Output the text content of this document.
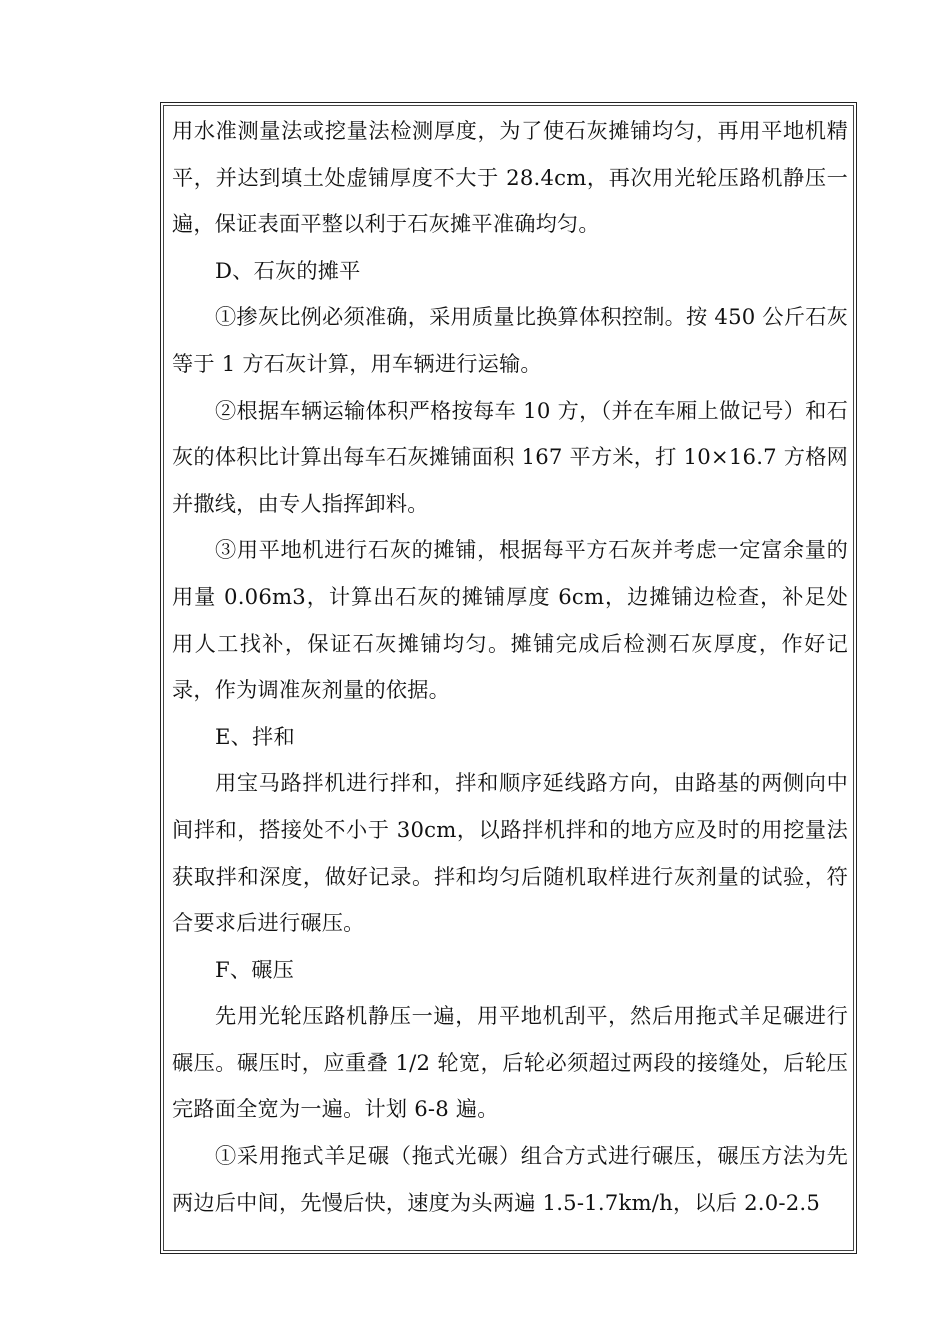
用水准测量法或挖量法检测厚度，为了使石灰摊铺均匀，再用平地机精平，并达到填土处虚铺厚度不大于 28.4cm，再次用光轮压路机静压一遍，保证表面平整以利于石灰摊平准确均匀。

D、石灰的摊平

①掺灰比例必须准确，采用质量比换算体积控制。按 450 公斤石灰等于 1 方石灰计算，用车辆进行运输。

②根据车辆运输体积严格按每车 10 方，（并在车厢上做记号）和石灰的体积比计算出每车石灰摊铺面积 167 平方米，打 10×16.7 方格网并撒线，由专人指挥卸料。

③用平地机进行石灰的摊铺，根据每平方石灰并考虑一定富余量的用量 0.06m3，计算出石灰的摊铺厚度 6cm，边摊铺边检查，补足处用人工找补，保证石灰摊铺均匀。摊铺完成后检测石灰厚度，作好记录，作为调准灰剂量的依据。

E、拌和

用宝马路拌机进行拌和，拌和顺序延线路方向，由路基的两侧向中间拌和，搭接处不小于 30cm，以路拌机拌和的地方应及时的用挖量法获取拌和深度，做好记录。拌和均匀后随机取样进行灰剂量的试验，符合要求后进行碾压。

F、碾压

先用光轮压路机静压一遍，用平地机刮平，然后用拖式羊足碾进行碾压。碾压时，应重叠 1/2 轮宽，后轮必须超过两段的接缝处，后轮压完路面全宽为一遍。计划 6-8 遍。

①采用拖式羊足碾（拖式光碾）组合方式进行碾压，碾压方法为先两边后中间，先慢后快，速度为头两遍 1.5-1.7km/h，以后 2.0-2.5
